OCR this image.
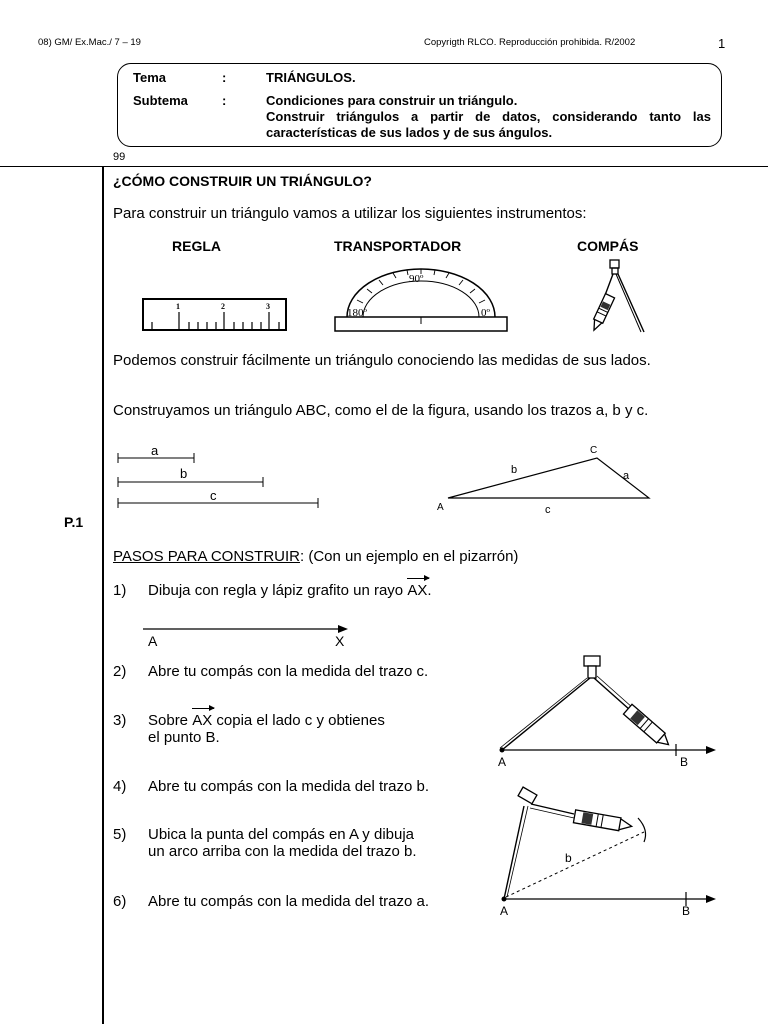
08) GM/ Ex.Mac./ 7 – 19	Copyrigth RLCO. Reproducción prohibida. R/2002	1
Tema	:	TRIÁNGULOS.
Subtema	:	Condiciones para construir un triángulo.
Construir triángulos a partir de datos, considerando tanto las características de sus lados y de sus ángulos.
99
P.1
¿CÓMO CONSTRUIR UN TRIÁNGULO?
Para construir un triángulo vamos a utilizar los siguientes instrumentos:
REGLA	TRANSPORTADOR	COMPÁS
1	2	3
90º
180º	0º
Podemos construir fácilmente un triángulo conociendo las medidas de sus lados.
Construyamos un triángulo ABC, como el de la figura, usando los trazos a, b y c.
a
b
c
A
C
b	a
c
PASOS PARA CONSTRUIR: (Con un ejemplo en el pizarrón)
1) Dibuja con regla y lápiz grafito un rayo AX.
A	X
2) Abre tu compás con la medida del trazo c.
3) Sobre AX copia el lado c y obtienes
el punto B.
A	B
4) Abre tu compás con la medida del trazo b.
5) Ubica la punta del compás en A y dibuja
un arco arriba con la medida del trazo b.
6) Abre tu compás con la medida del trazo a.
b
A	B
